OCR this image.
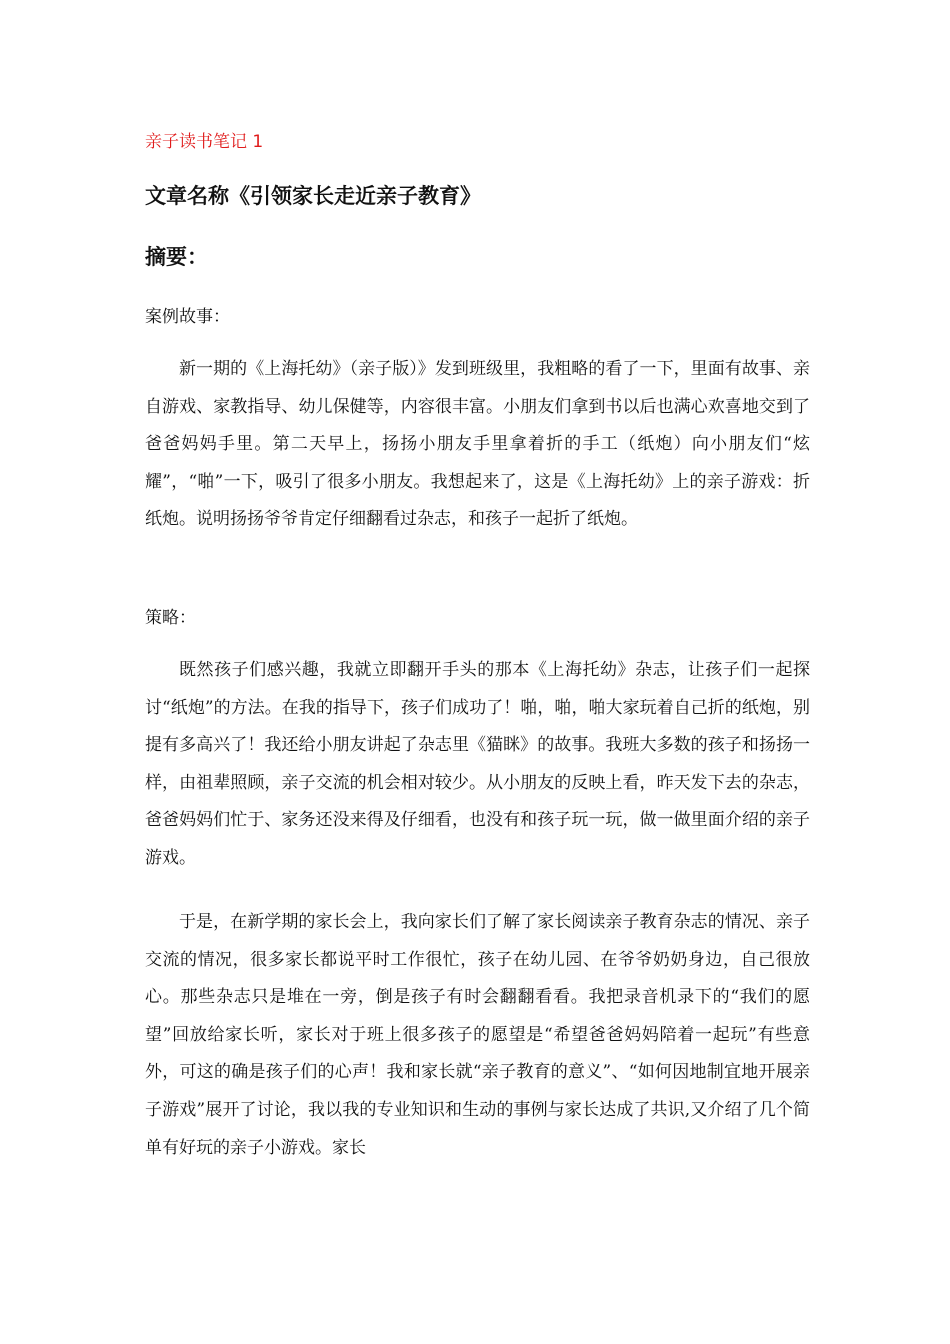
亲子读书笔记 1
文章名称《引领家长走近亲子教育》
摘要：
案例故事：

新一期的《上海托幼》（亲子版）》发到班级里，我粗略的看了一下，里面有故事、亲自游戏、家教指导、幼儿保健等，内容很丰富。小朋友们拿到书以后也满心欢喜地交到了爸爸妈妈手里。第二天早上，扬扬小朋友手里拿着折的手工（纸炮）向小朋友们“炫耀”，“啪”一下，吸引了很多小朋友。我想起来了，这是《上海托幼》上的亲子游戏：折纸炮。说明扬扬爷爷肯定仔细翻看过杂志，和孩子一起折了纸炮。

策略：

既然孩子们感兴趣，我就立即翻开手头的那本《上海托幼》杂志，让孩子们一起探讨“纸炮”的方法。在我的指导下，孩子们成功了！啪，啪，啪大家玩着自己折的纸炮，别提有多高兴了！我还给小朋友讲起了杂志里《猫眯》的故事。我班大多数的孩子和扬扬一样，由祖辈照顾，亲子交流的机会相对较少。从小朋友的反映上看，昨天发下去的杂志，爸爸妈妈们忙于、家务还没来得及仔细看，也没有和孩子玩一玩，做一做里面介绍的亲子游戏。

于是，在新学期的家长会上，我向家长们了解了家长阅读亲子教育杂志的情况、亲子交流的情况，很多家长都说平时工作很忙，孩子在幼儿园、在爷爷奶奶身边，自己很放心。那些杂志只是堆在一旁，倒是孩子有时会翻翻看看。我把录音机录下的“我们的愿望”回放给家长听，家长对于班上很多孩子的愿望是“希望爸爸妈妈陪着一起玩”有些意外，可这的确是孩子们的心声！我和家长就“亲子教育的意义”、“如何因地制宜地开展亲子游戏”展开了讨论，我以我的专业知识和生动的事例与家长达成了共识,又介绍了几个简单有好玩的亲子小游戏。家长
